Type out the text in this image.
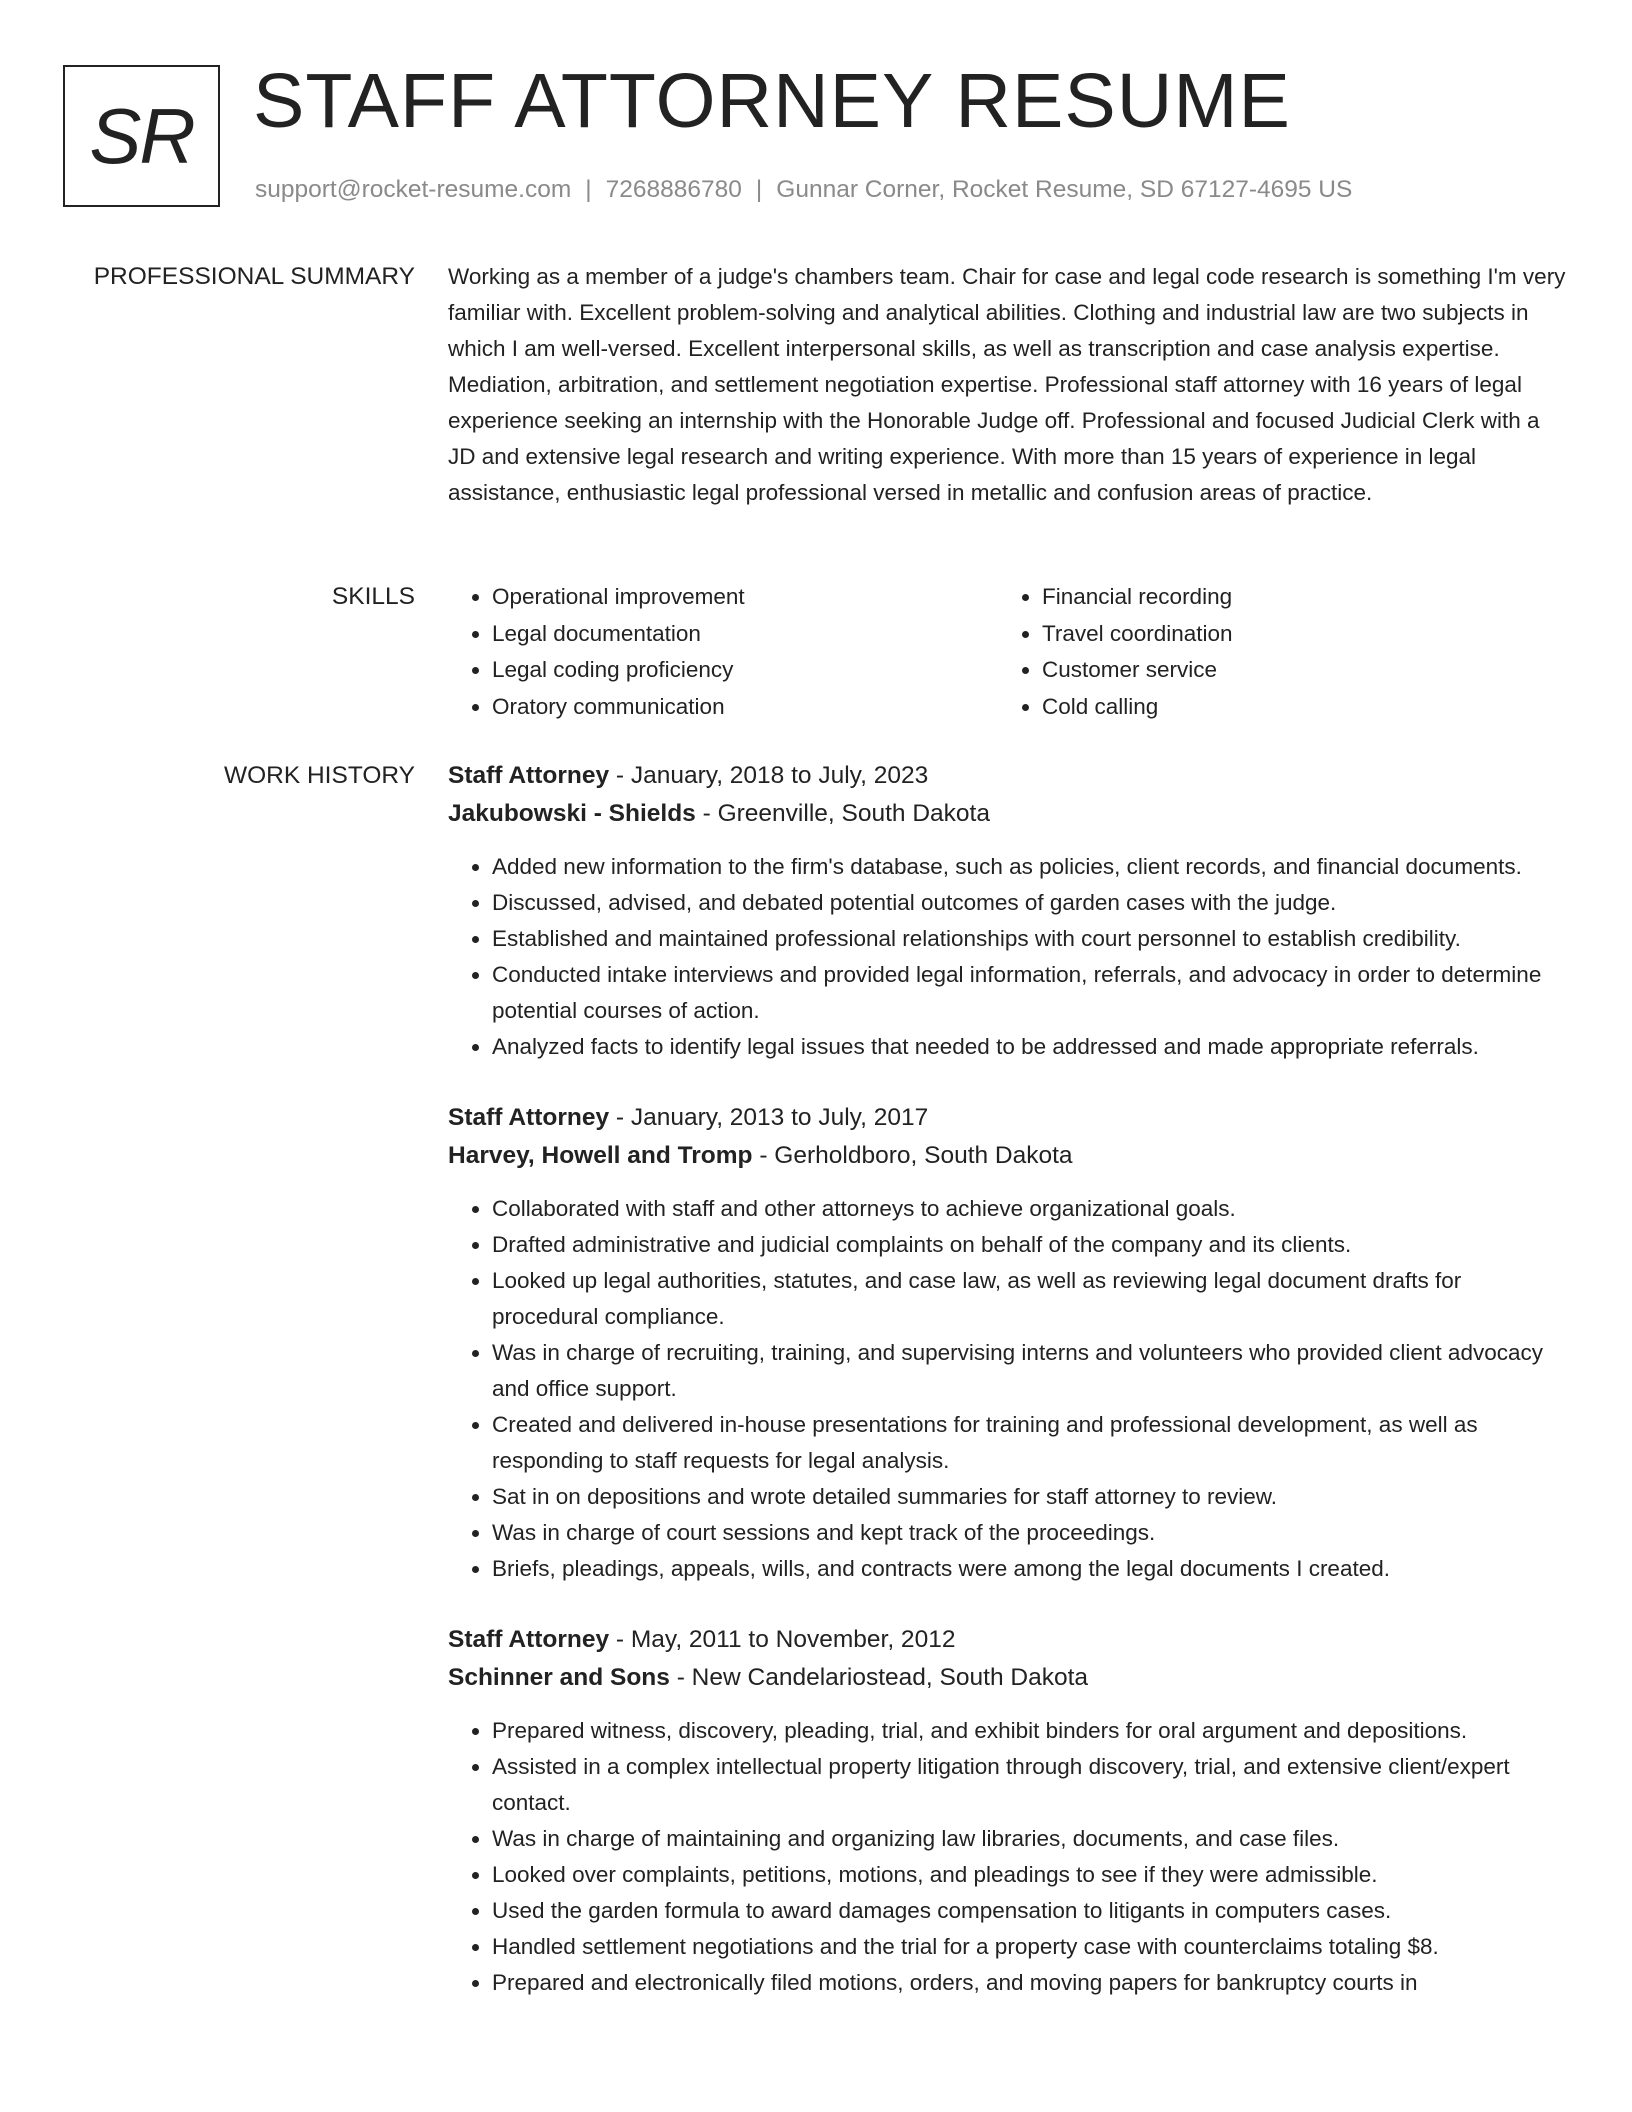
SR STAFF ATTORNEY RESUME
support@rocket-resume.com | 7268886780 | Gunnar Corner, Rocket Resume, SD 67127-4695 US
PROFESSIONAL SUMMARY Working as a member of a judge's chambers team. Chair for case and legal code research is something I'm very familiar with. Excellent problem-solving and analytical abilities. Clothing and industrial law are two subjects in which I am well-versed. Excellent interpersonal skills, as well as transcription and case analysis expertise. Mediation, arbitration, and settlement negotiation expertise. Professional staff attorney with 16 years of legal experience seeking an internship with the Honorable Judge off. Professional and focused Judicial Clerk with a JD and extensive legal research and writing experience. With more than 15 years of experience in legal assistance, enthusiastic legal professional versed in metallic and confusion areas of practice.

SKILLS
•	Operational improvement
• Legal documentation
• Legal coding proficiency
• Oratory communication
• Financial recording
• Travel coordination
• Customer service
• Cold calling
WORK HISTORY Staff Attorney - January, 2018 to July, 2023
Jakubowski - Shields - Greenville, South Dakota
• Added new information to the firm's database, such as policies, client records, and financial documents.
• Discussed, advised, and debated potential outcomes of garden cases with the judge.
• Established and maintained professional relationships with court personnel to establish credibility.
• Conducted intake interviews and provided legal information, referrals, and advocacy in order to determine potential courses of action.
• Analyzed facts to identify legal issues that needed to be addressed and made appropriate referrals.
Staff Attorney - January, 2013 to July, 2017
Harvey, Howell and Tromp - Gerholdboro, South Dakota
• Collaborated with staff and other attorneys to achieve organizational goals.
• Drafted administrative and judicial complaints on behalf of the company and its clients.
• Looked up legal authorities, statutes, and case law, as well as reviewing legal document drafts for procedural compliance.
• Was in charge of recruiting, training, and supervising interns and volunteers who provided client advocacy and office support.
• Created and delivered in-house presentations for training and professional development, as well as responding to staff requests for legal analysis.
• Sat in on depositions and wrote detailed summaries for staff attorney to review.
• Was in charge of court sessions and kept track of the proceedings.
• Briefs, pleadings, appeals, wills, and contracts were among the legal documents I created.
Staff Attorney - May, 2011 to November, 2012
Schinner and Sons - New Candelariostead, South Dakota
• Prepared witness, discovery, pleading, trial, and exhibit binders for oral argument and depositions.
• Assisted in a complex intellectual property litigation through discovery, trial, and extensive client/expert contact.
• Was in charge of maintaining and organizing law libraries, documents, and case files.
• Looked over complaints, petitions, motions, and pleadings to see if they were admissible.
• Used the garden formula to award damages compensation to litigants in computers cases.
• Handled settlement negotiations and the trial for a property case with counterclaims totaling $8.
• Prepared and electronically filed motions, orders, and moving papers for bankruptcy courts in
